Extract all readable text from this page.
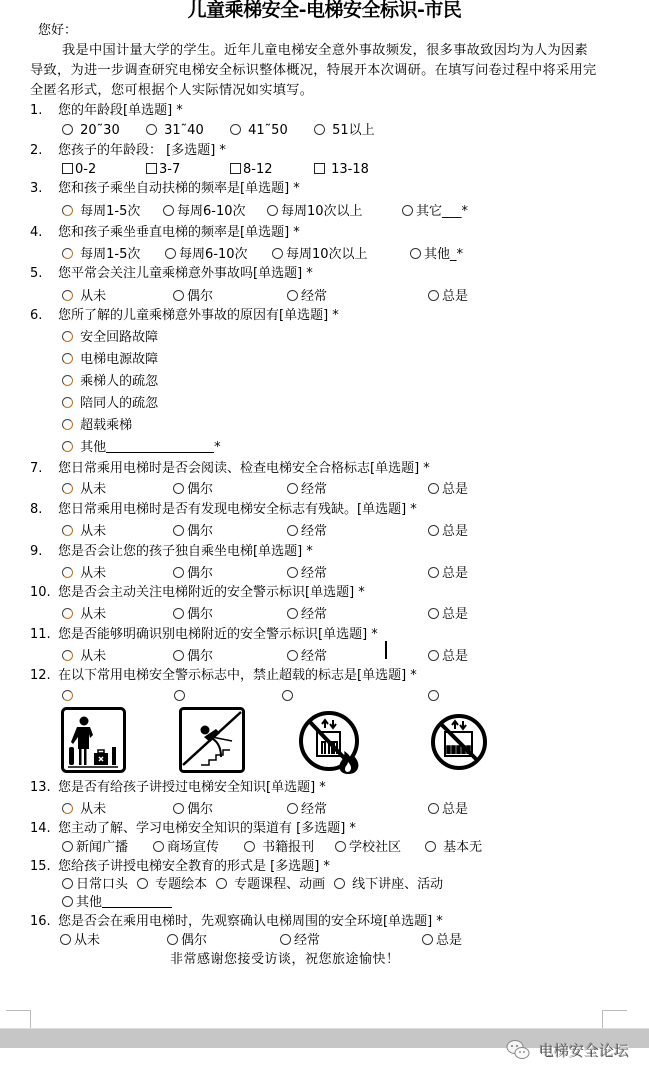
儿童乘梯安全-电梯安全标识-市民
您好：
我是中国计量大学的学生。近年儿童电梯安全意外事故频发，很多事故致因均为人为因素导致，为进一步调查研究电梯安全标识整体概况，特展开本次调研。在填写问卷过程中将采用完全匿名形式，您可根据个人实际情况如实填写。
1. 您的年龄段[单选题] *
20˜30	31˜40	41˜50	51以上
2. 您孩子的年龄段： [多选题] *
0-2	3-7	8-12	13-18
3. 您和孩子乘坐自动扶梯的频率是[单选题] *
每周1-5次	每周6-10次	每周10次以上	其它___*
4. 您和孩子乘坐垂直电梯的频率是[单选题] *
每周1-5次	每周6-10次	每周10次以上	其他_*
5. 您平常会关注儿童乘梯意外事故吗[单选题] *
从未	偶尔	经常	总是
6. 您所了解的儿童乘梯意外事故的原因有[单选题] *
安全回路故障
电梯电源故障
乘梯人的疏忽
陪同人的疏忽
超载乘梯
其他	*
7. 您日常乘用电梯时是否会阅读、检查电梯安全合格标志[单选题] *
从未	偶尔	经常	总是
8. 您日常乘用电梯时是否有发现电梯安全标志有残缺。[单选题] *
从未	偶尔	经常	总是
9. 您是否会让您的孩子独自乘坐电梯[单选题] *
从未	偶尔	经常	总是
10. 您是否会主动关注电梯附近的安全警示标识[单选题] *
从未	偶尔	经常	总是
11. 您是否能够明确识别电梯附近的安全警示标识[单选题] *
从未	偶尔	经常	总是
12. 在以下常用电梯安全警示标志中，禁止超载的标志是[单选题] *
13. 您是否有给孩子讲授过电梯安全知识[单选题] *
从未	偶尔	经常	总是
14. 您主动了解、学习电梯安全知识的渠道有 [多选题] *
新闻广播	商场宣传	书籍报刊	学校社区	基本无
15. 您给孩子讲授电梯安全教育的形式是 [多选题] *
日常口头	专题绘本	专题课程、动画	线下讲座、活动
其他
16. 您是否会在乘用电梯时，先观察确认电梯周围的安全环境[单选题] *
从未	偶尔	经常	总是
非常感谢您接受访谈，祝您旅途愉快！
电梯安全论坛
